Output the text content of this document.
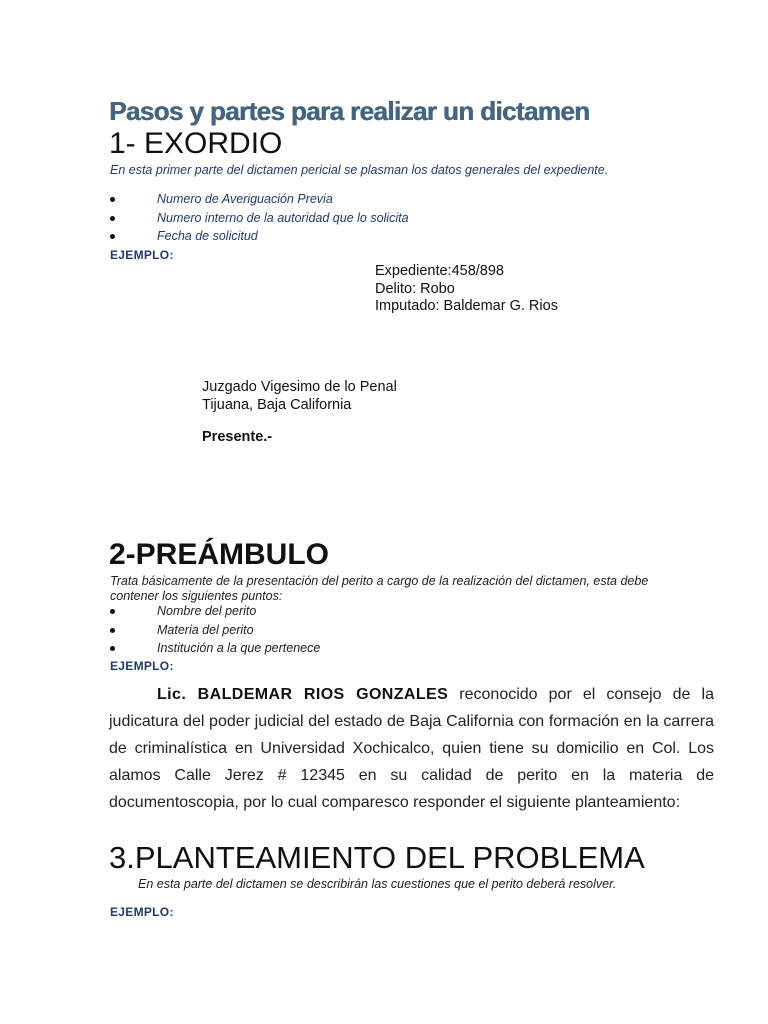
Pasos y partes para realizar un dictamen
1- EXORDIO
En esta primer parte del dictamen pericial se plasman los datos generales del expediente.
Numero de Averiguación Previa
Numero interno de la autoridad que lo solicita
Fecha de solicitud
EJEMPLO:
Expediente:458/898
Delito: Robo
Imputado: Baldemar G. Rios
Juzgado Vigesimo de lo Penal
Tijuana, Baja California
Presente.-
2-PREÁMBULO
Trata básicamente de la presentación del perito a cargo de la realización del dictamen, esta debe contener los siguientes puntos:
Nombre del perito
Materia del perito
Institución a la que pertenece
EJEMPLO:
Lic. BALDEMAR RIOS GONZALES reconocido por el consejo de la judicatura del poder judicial del estado de Baja California con formación en la carrera de criminalística en Universidad Xochicalco, quien tiene su domicilio en Col. Los alamos Calle Jerez # 12345 en su calidad de perito en la materia de documentoscopia, por lo cual comparesco responder el siguiente planteamiento:
3.PLANTEAMIENTO DEL PROBLEMA
En esta parte del dictamen se describirán las cuestiones que el perito deberá resolver.
EJEMPLO:
